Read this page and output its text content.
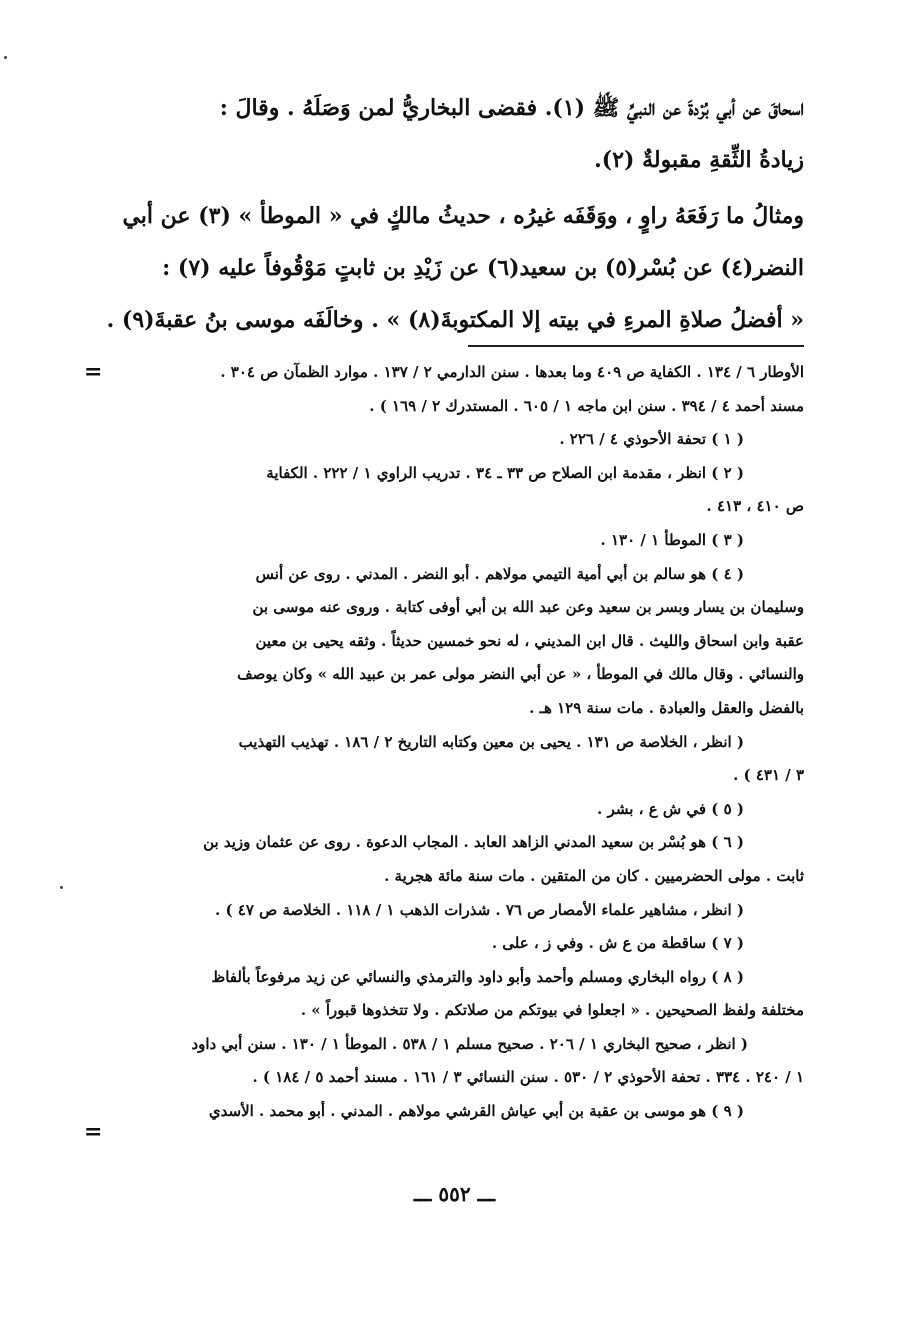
اسحاقَ عن أبي بُرْدةَ عن النبيِّ ﷺ (١). فقضى البخاريُّ لمن وَصَلَهُ . وقالَ :

زيادةُ الثِّقةِ مقبولةٌ (٢).

ومثالُ ما رَفَعَهُ راوٍ ، ووَقَفَه غيرُه ، حديثُ مالكٍ في « الموطأ » (٣) عن أبي

النضر(٤) عن بُسْر(٥) بن سعيد(٦) عن زَيْدِ بن ثابتٍ مَوْقُوفاً عليه (٧) :

« أفضلُ صلاةِ المرءِ في بيته إلا المكتوبةَ(٨) » . وخالَفَه موسى بنُ عقبةَ(٩) .

=	الأوطار ٦ / ١٣٤ . الكفاية ص ٤٠٩ وما بعدها . سنن الدارمي ٢ / ١٣٧ . موارد الظمآن ص ٣٠٤ .

مسند أحمد ٤ / ٣٩٤ . سنن ابن ماجه ١ / ٦٠٥ . المستدرك ٢ / ١٦٩ ) .

( ١ ) تحفة الأحوذي ٤ / ٢٢٦ .

( ٢ ) انظر ، مقدمة ابن الصلاح ص ٣٣ ـ ٣٤ . تدريب الراوي ١ / ٢٢٢ . الكفاية

ص ٤١٠ ، ٤١٣ .

( ٣ ) الموطأ ١ / ١٣٠ .

( ٤ ) هو سالم بن أبي أمية التيمي مولاهم . أبو النضر . المدني . روى عن أنس

وسليمان بن يسار وبسر بن سعيد وعن عبد الله بن أبي أوفى كتابة . وروى عنه موسى بن

عقبة وابن اسحاق والليث . قال ابن المديني ، له نحو خمسين حديثاً . وثقه يحيى بن معين

والنسائي . وقال مالك في الموطأ ، « عن أبي النضر مولى عمر بن عبيد الله » وكان يوصف

بالفضل والعقل والعبادة . مات سنة ١٢٩ هـ .

( انظر ، الخلاصة ص ١٣١ . يحيى بن معين وكتابه التاريخ ٢ / ١٨٦ . تهذيب التهذيب

٣ / ٤٣١ ) .

( ٥ ) في ش ع ، بشر .

( ٦ ) هو بُسْر بن سعيد المدني الزاهد العابد . المجاب الدعوة . روى عن عثمان وزيد بن

ثابت . مولى الحضرميين . كان من المتقين . مات سنة مائة هجرية .

( انظر ، مشاهير علماء الأمصار ص ٧٦ . شذرات الذهب ١ / ١١٨ . الخلاصة ص ٤٧ ) .

( ٧ ) ساقطة من ع ش . وفي ز ، على .

( ٨ ) رواه البخاري ومسلم وأحمد وأبو داود والترمذي والنسائي عن زيد مرفوعاً بألفاظ

مختلفة ولفظ الصحيحين . « اجعلوا في بيوتكم من صلاتكم . ولا تتخذوها قبوراً » .

( انظر ، صحيح البخاري ١ / ٢٠٦ . صحيح مسلم ١ / ٥٣٨ . الموطأ ١ / ١٣٠ . سنن أبي داود

١ / ٢٤٠ . ٣٣٤ . تحفة الأحوذي ٢ / ٥٣٠ . سنن النسائي ٣ / ١٦١ . مسند أحمد ٥ / ١٨٤ ) .

( ٩ ) هو موسى بن عقبة بن أبي عياش القرشي مولاهم . المدني . أبو محمد . الأسدي

=
ـــ ٥٥٢ ـــ
